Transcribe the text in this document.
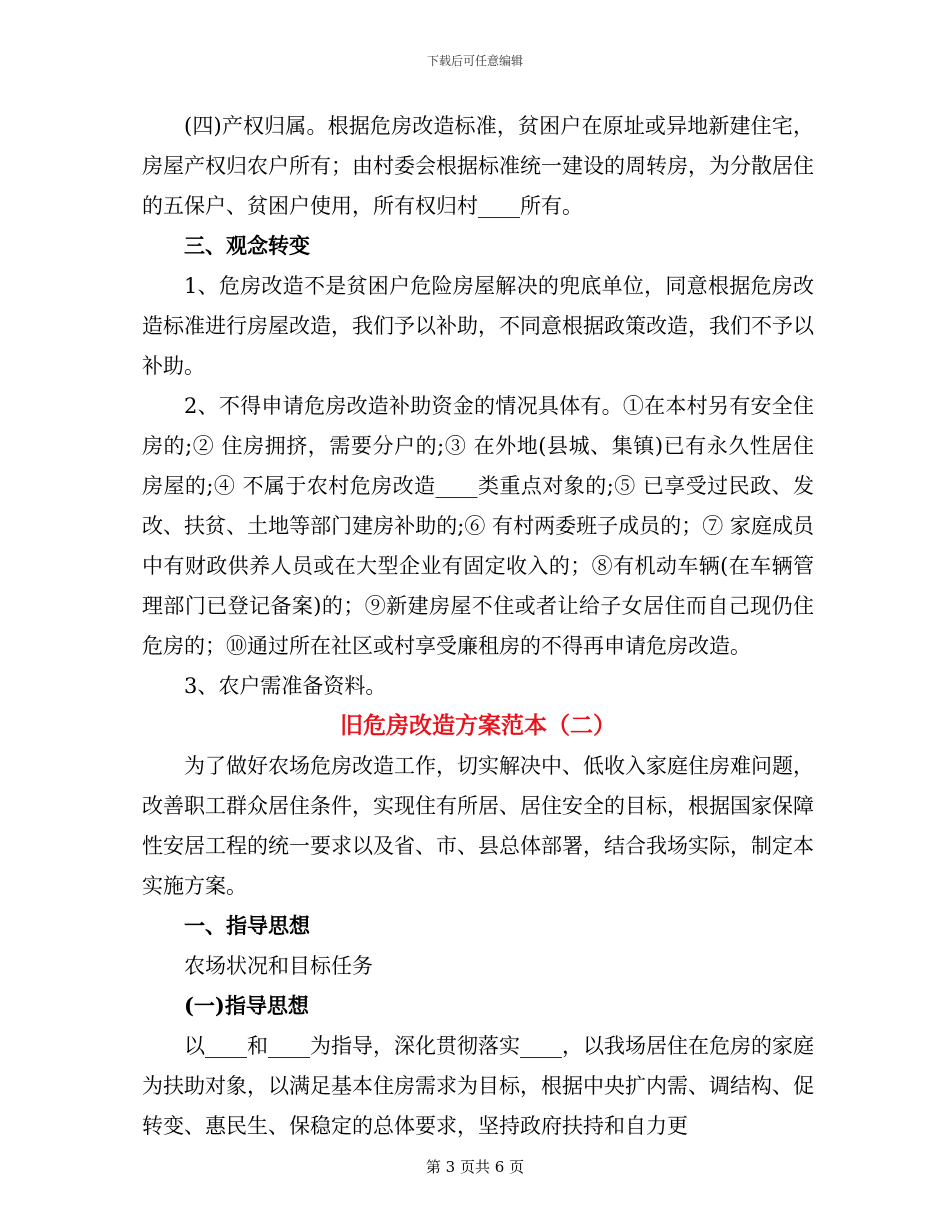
下载后可任意编辑

(四)产权归属。根据危房改造标准，贫困户在原址或异地新建住宅，房屋产权归农户所有；由村委会根据标准统一建设的周转房，为分散居住的五保户、贫困户使用，所有权归村____所有。

三、观念转变

1、危房改造不是贫困户危险房屋解决的兜底单位，同意根据危房改造标准进行房屋改造，我们予以补助，不同意根据政策改造，我们不予以补助。

2、不得申请危房改造补助资金的情况具体有。①在本村另有安全住房的;② 住房拥挤，需要分户的;③ 在外地(县城、集镇)已有永久性居住房屋的;④ 不属于农村危房改造____类重点对象的;⑤ 已享受过民政、发改、扶贫、土地等部门建房补助的;⑥ 有村两委班子成员的；⑦ 家庭成员中有财政供养人员或在大型企业有固定收入的；⑧有机动车辆(在车辆管理部门已登记备案)的；⑨新建房屋不住或者让给子女居住而自己现仍住危房的；⑩通过所在社区或村享受廉租房的不得再申请危房改造。

3、农户需准备资料。

旧危房改造方案范本（二）

为了做好农场危房改造工作，切实解决中、低收入家庭住房难问题，改善职工群众居住条件，实现住有所居、居住安全的目标，根据国家保障性安居工程的统一要求以及省、市、县总体部署，结合我场实际，制定本实施方案。

一、指导思想

农场状况和目标任务

(一)指导思想

以____和____为指导，深化贯彻落实____，以我场居住在危房的家庭为扶助对象，以满足基本住房需求为目标，根据中央扩内需、调结构、促转变、惠民生、保稳定的总体要求，坚持政府扶持和自力更

第 3 页共 6 页
